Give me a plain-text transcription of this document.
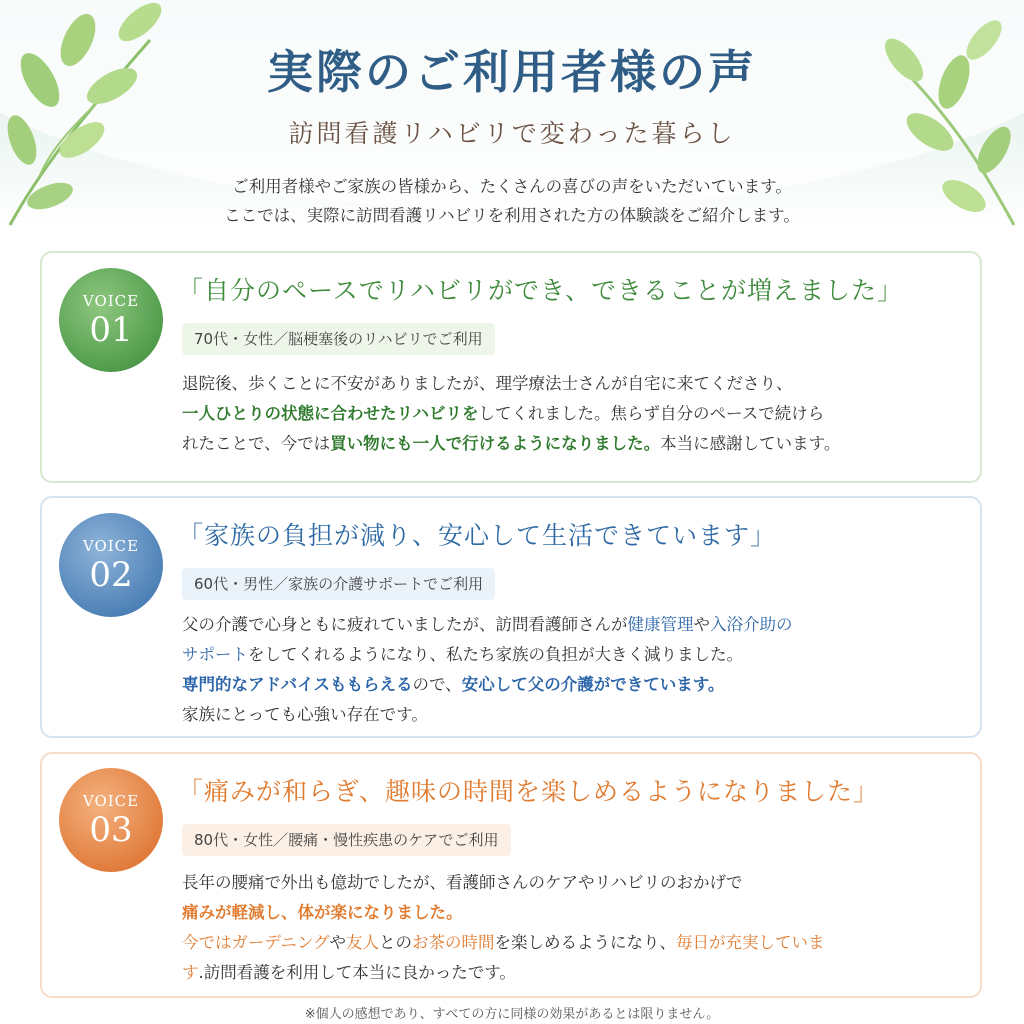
実際のご利用者様の声
訪問看護リハビリで変わった暮らし
ご利用者様やご家族の皆様から、たくさんの喜びの声をいただいています。
ここでは、実際に訪問看護リハビリを利用された方の体験談をご紹介します。
VOICE
01
「自分のペースでリハビリができ、できることが増えました」
70代・女性／脳梗塞後のリハビリでご利用
退院後、歩くことに不安がありましたが、理学療法士さんが自宅に来てくださり、
一人ひとりの状態に合わせたリハビリをしてくれました。焦らず自分のペースで続けら
れたことで、今では買い物にも一人で行けるようになりました。本当に感謝しています。
VOICE
02
「家族の負担が減り、安心して生活できています」
60代・男性／家族の介護サポートでご利用
父の介護で心身ともに疲れていましたが、訪問看護師さんが健康管理や入浴介助の
サポートをしてくれるようになり、私たち家族の負担が大きく減りました。
専門的なアドバイスももらえるので、安心して父の介護ができています。
家族にとっても心強い存在です。
VOICE
03
「痛みが和らぎ、趣味の時間を楽しめるようになりました」
80代・女性／腰痛・慢性疾患のケアでご利用
長年の腰痛で外出も億劫でしたが、看護師さんのケアやリハビリのおかげで
痛みが軽減し、体が楽になりました。
今ではガーデニングや友人とのお茶の時間を楽しめるようになり、毎日が充実していま
す.訪問看護を利用して本当に良かったです。
※個人の感想であり、すべての方に同様の効果があるとは限りません。
